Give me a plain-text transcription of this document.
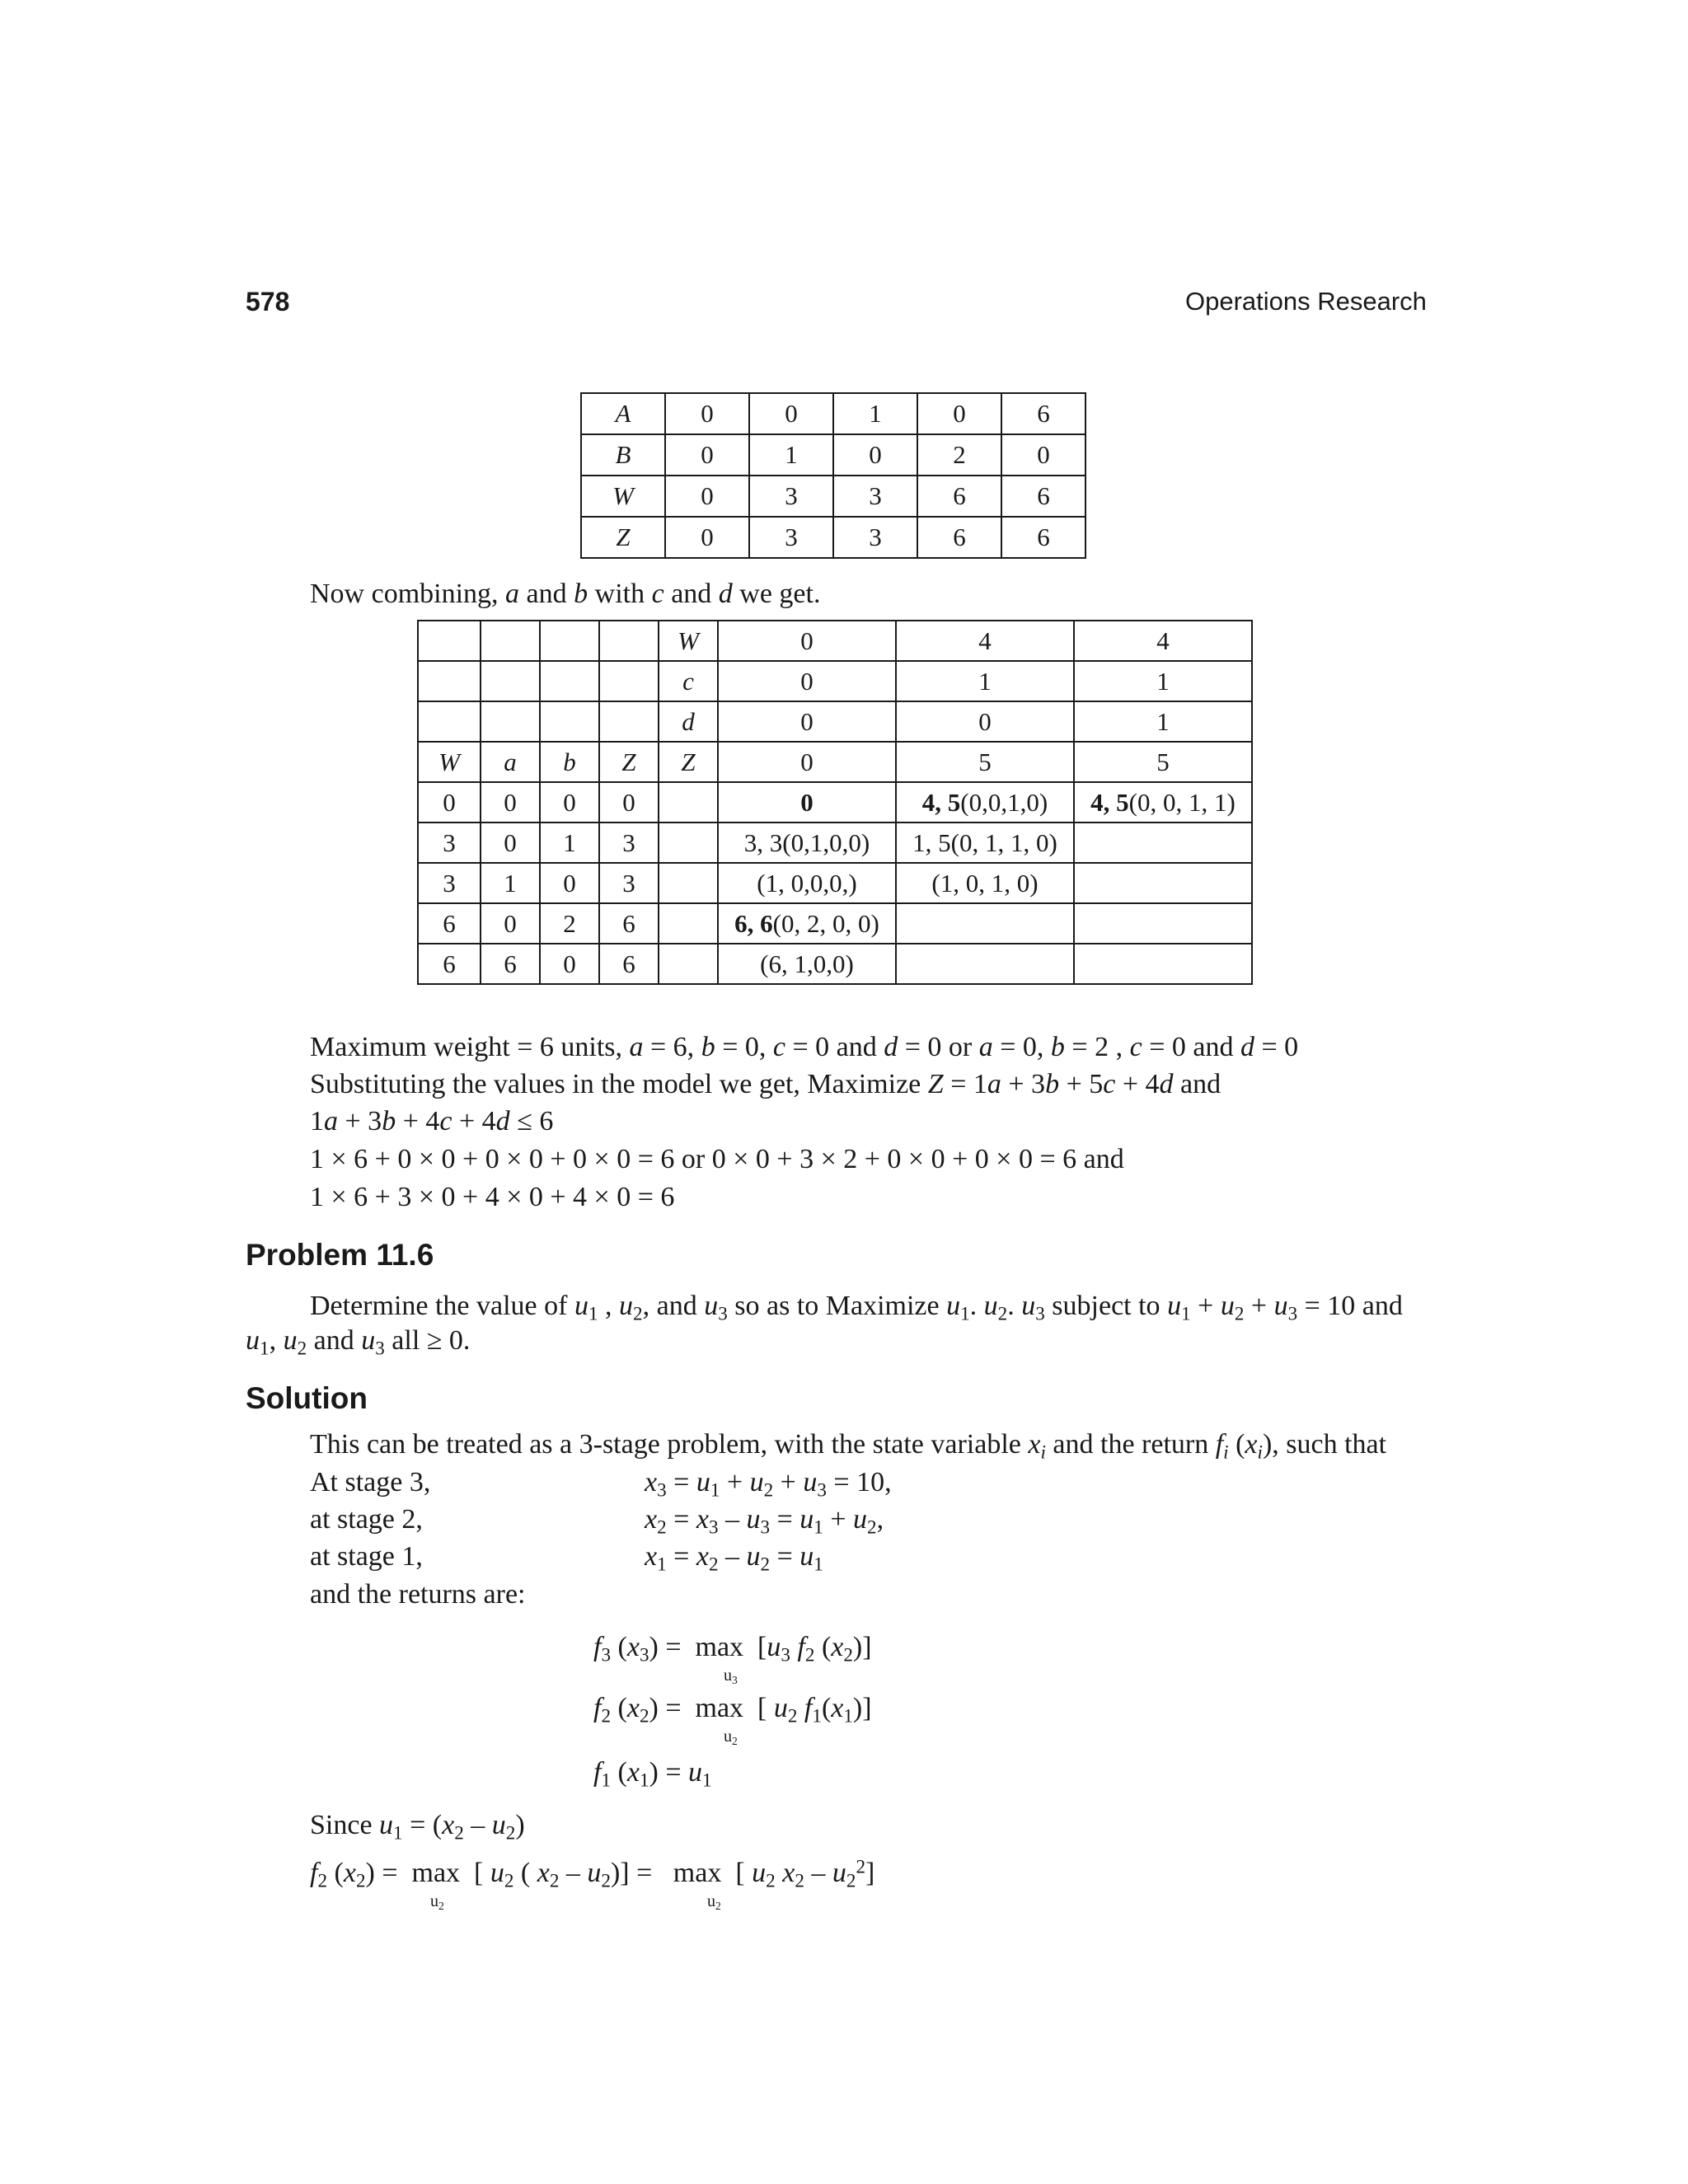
578	Operations Research
A	0	0	1	0	6
B	0	1	0	2	0
W	0	3	3	6	6
Z	0	3	3	6	6
Now combining, a and b with c and d we get.
				W	0	4	4
				c	0	1	1
				d	0	0	1
W	a	b	Z	Z	0	5	5
0	0	0	0		0	4, 5(0,0,1,0)	4, 5(0, 0, 1, 1)
3	0	1	3		3, 3(0,1,0,0)	1, 5(0, 1, 1, 0)	
3	1	0	3		(1, 0,0,0,)	(1, 0, 1, 0)	
6	0	2	6		6, 6(0, 2, 0, 0)		
6	6	0	6		(6, 1,0,0)		
Maximum weight = 6 units, a = 6, b = 0, c = 0 and d = 0 or a = 0, b = 2 , c = 0 and d = 0
Substituting the values in the model we get, Maximize Z = 1a + 3b + 5c + 4d and
1a + 3b + 4c + 4d ≤ 6
1 × 6 + 0 × 0 + 0 × 0 + 0 × 0 = 6 or 0 × 0 + 3 × 2 + 0 × 0 + 0 × 0 = 6 and
1 × 6 + 3 × 0 + 4 × 0 + 4 × 0 = 6
Problem 11.6
Determine the value of $u_1$ , $u_2$, and $u_3$ so as to Maximize $u_1$. $u_2$. $u_3$ subject to $u_1 + u_2 + u_3 = 10$ and
$u_1$, $u_2$ and $u_3$ all ≥ 0.
Solution
This can be treated as a 3-stage problem, with the state variable $x_i$ and the return $f_i$ $(x_i)$, such that
At stage 3,	$x_3 = u_1 + u_2 + u_3 = 10$,
at stage 2,	$x_2 = x_3 - u_3 = u_1 + u_2$,
at stage 1,	$x_1 = x_2 - u_2 = u_1$
and the returns are:
$f_3$ $(x_3) = \max [u_3$ $f_2$ $(x_2)$]
$u_3$
$f_2$ $(x_2) = \max$  [ $u_2$ $f_1(x_1)$]
$u_2$
$f_1$ $(x_1) = u_1$
Since $u_1 = (x_2 - u_2)$
$f_2$ $(x_2) = \max$  [ $u_2$ ( $x_2 - u_2)] = \max$  [ $u_2$ $x_2 - u_2^2$]
$u_2$	$u_2$
